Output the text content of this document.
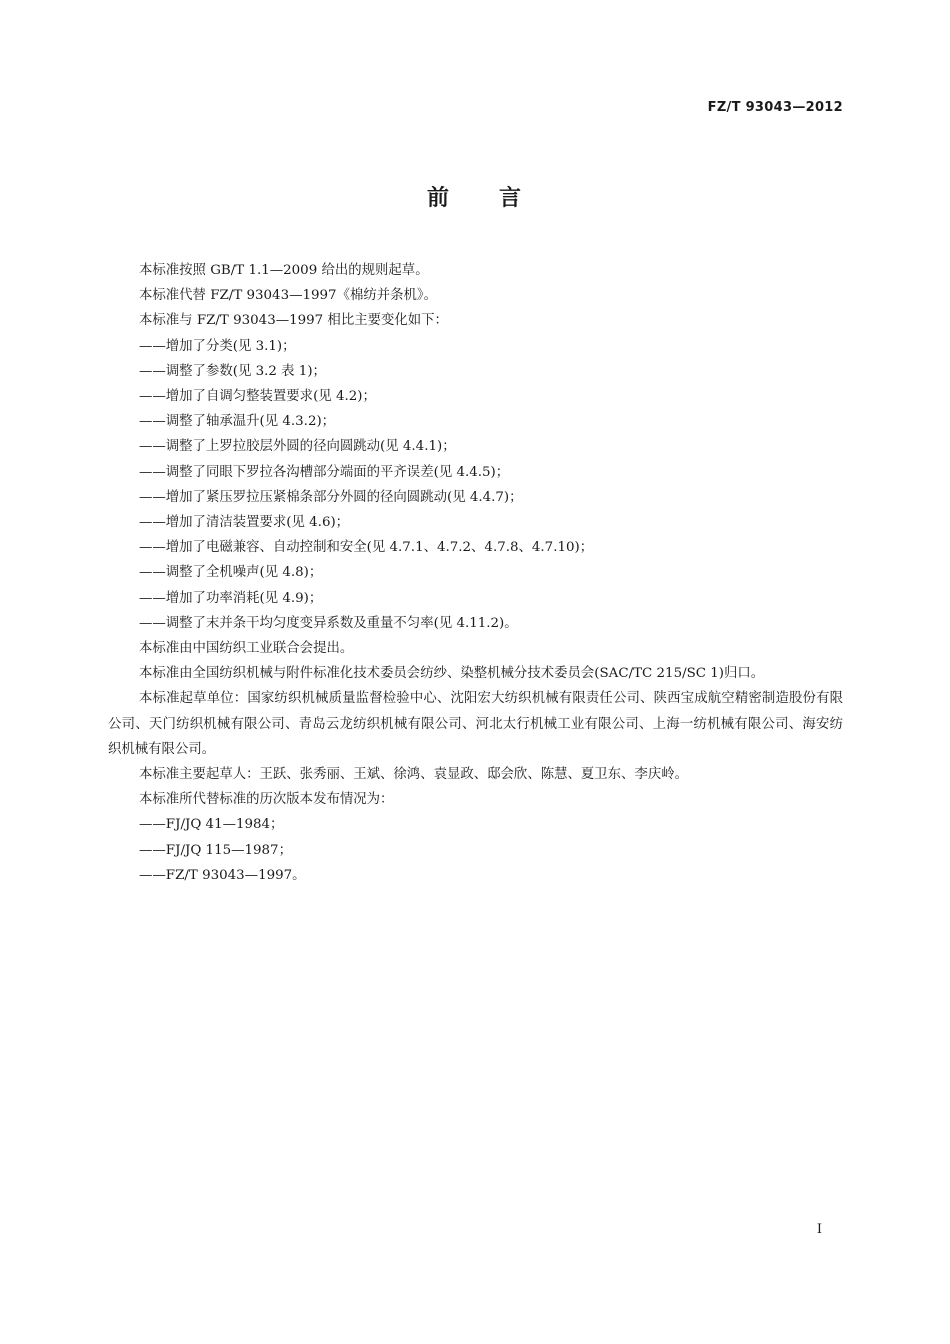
FZ/T 93043—2012
前　　言

本标准按照 GB/T 1.1—2009 给出的规则起草。

本标准代替 FZ/T 93043—1997《棉纺并条机》。

本标准与 FZ/T 93043—1997 相比主要变化如下：

——增加了分类(见 3.1)；
——调整了参数(见 3.2 表 1)；
——增加了自调匀整装置要求(见 4.2)；
——调整了轴承温升(见 4.3.2)；
——调整了上罗拉胶层外圆的径向圆跳动(见 4.4.1)；
——调整了同眼下罗拉各沟槽部分端面的平齐误差(见 4.4.5)；
——增加了紧压罗拉压紧棉条部分外圆的径向圆跳动(见 4.4.7)；
——增加了清洁装置要求(见 4.6)；
——增加了电磁兼容、自动控制和安全(见 4.7.1、4.7.2、4.7.8、4.7.10)；
——调整了全机噪声(见 4.8)；
——增加了功率消耗(见 4.9)；
——调整了末并条干均匀度变异系数及重量不匀率(见 4.11.2)。

本标准由中国纺织工业联合会提出。

本标准由全国纺织机械与附件标准化技术委员会纺纱、染整机械分技术委员会(SAC/TC 215/SC 1)归口。

本标准起草单位：国家纺织机械质量监督检验中心、沈阳宏大纺织机械有限责任公司、陕西宝成航空精密制造股份有限公司、天门纺织机械有限公司、青岛云龙纺织机械有限公司、河北太行机械工业有限公司、上海一纺机械有限公司、海安纺织机械有限公司。

本标准主要起草人：王跃、张秀丽、王斌、徐鸿、袁显政、邸会欣、陈慧、夏卫东、李庆岭。

本标准所代替标准的历次版本发布情况为：

——FJ/JQ 41—1984；
——FJ/JQ 115—1987；
——FZ/T 93043—1997。
I
